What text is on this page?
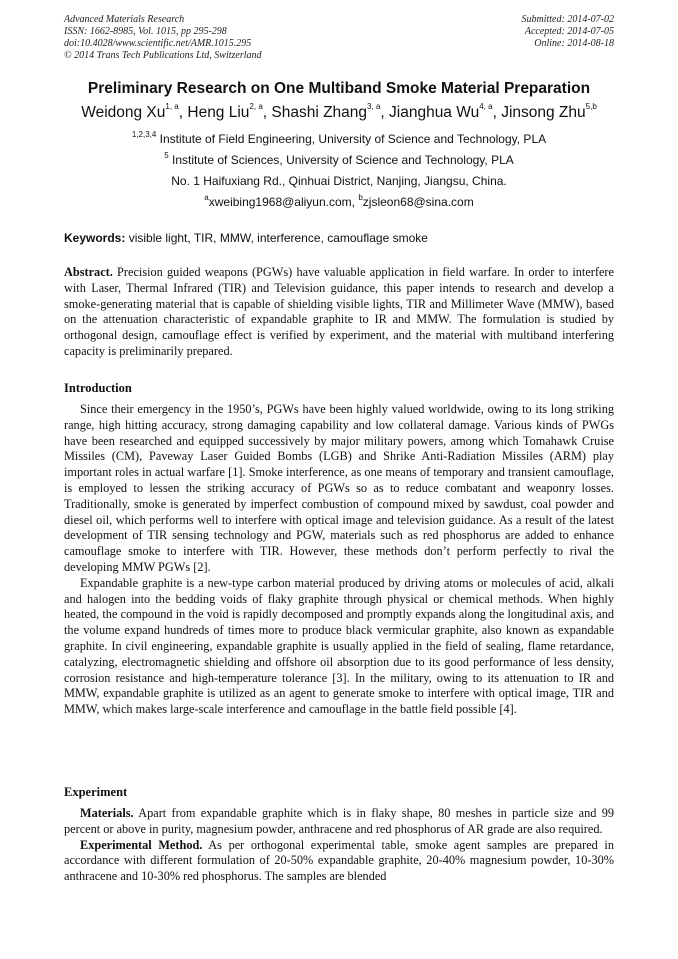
Advanced Materials Research
ISSN: 1662-8985, Vol. 1015, pp 295-298
doi:10.4028/www.scientific.net/AMR.1015.295
© 2014 Trans Tech Publications Ltd, Switzerland
Submitted: 2014-07-02
Accepted: 2014-07-05
Online: 2014-08-18
Preliminary Research on One Multiband Smoke Material Preparation
Weidong Xu$^{1, a}$, Heng Liu$^{2, a}$, Shashi Zhang$^{3, a}$, Jianghua Wu$^{4, a}$, Jinsong Zhu$^{5,b}$
$^{1,2,3,4}$ Institute of Field Engineering, University of Science and Technology, PLA
$^5$ Institute of Sciences, University of Science and Technology, PLA
No. 1 Haifuxiang Rd., Qinhuai District, Nanjing, Jiangsu, China.
$^a$xweibing1968@aliyun.com, $^b$zjsleon68@sina.com
Keywords: visible light, TIR, MMW, interference, camouflage smoke

Abstract. Precision guided weapons (PGWs) have valuable application in field warfare. In order to interfere with Laser, Thermal Infrared (TIR) and Television guidance, this paper intends to research and develop a smoke-generating material that is capable of shielding visible lights, TIR and Millimeter Wave (MMW), based on the attenuation characteristic of expandable graphite to IR and MMW. The formulation is studied by orthogonal design, camouflage effect is verified by experiment, and the material with multiband interfering capacity is preliminarily prepared.

Introduction

Since their emergency in the 1950’s, PGWs have been highly valued worldwide, owing to its long striking range, high hitting accuracy, strong damaging capability and low collateral damage. Various kinds of PWGs have been researched and equipped successively by major military powers, among which Tomahawk Cruise Missiles (CM), Paveway Laser Guided Bombs (LGB) and Shrike Anti-Radiation Missiles (ARM) play important roles in actual warfare [1]. Smoke interference, as one means of temporary and transient camouflage, is employed to lessen the striking accuracy of PGWs so as to reduce combatant and weaponry losses. Traditionally, smoke is generated by imperfect combustion of compound mixed by sawdust, coal powder and diesel oil, which performs well to interfere with optical image and television guidance. As a result of the latest development of TIR sensing technology and PGW, materials such as red phosphorus are added to enhance camouflage smoke to interfere with TIR. However, these methods don’t perform perfectly to rival the developing MMW PGWs [2].

Expandable graphite is a new-type carbon material produced by driving atoms or molecules of acid, alkali and halogen into the bedding voids of flaky graphite through physical or chemical methods. When highly heated, the compound in the void is rapidly decomposed and promptly expands along the longitudinal axis, and the volume expand hundreds of times more to produce black vermicular graphite, also known as expandable graphite. In civil engineering, expandable graphite is usually applied in the field of sealing, flame retardance, catalyzing, electromagnetic shielding and offshore oil absorption due to its good performance of less density, corrosion resistance and high-temperature tolerance [3]. In the military, owing to its attenuation to IR and MMW, expandable graphite is utilized as an agent to generate smoke to interfere with optical image, TIR and MMW, which makes large-scale interference and camouflage in the battle field possible [4].

Experiment

Materials. Apart from expandable graphite which is in flaky shape, 80 meshes in particle size and 99 percent or above in purity, magnesium powder, anthracene and red phosphorus of AR grade are also required.

Experimental Method. As per orthogonal experimental table, smoke agent samples are prepared in accordance with different formulation of 20-50% expandable graphite, 20-40% magnesium powder, 10-30% anthracene and 10-30% red phosphorus. The samples are blended
